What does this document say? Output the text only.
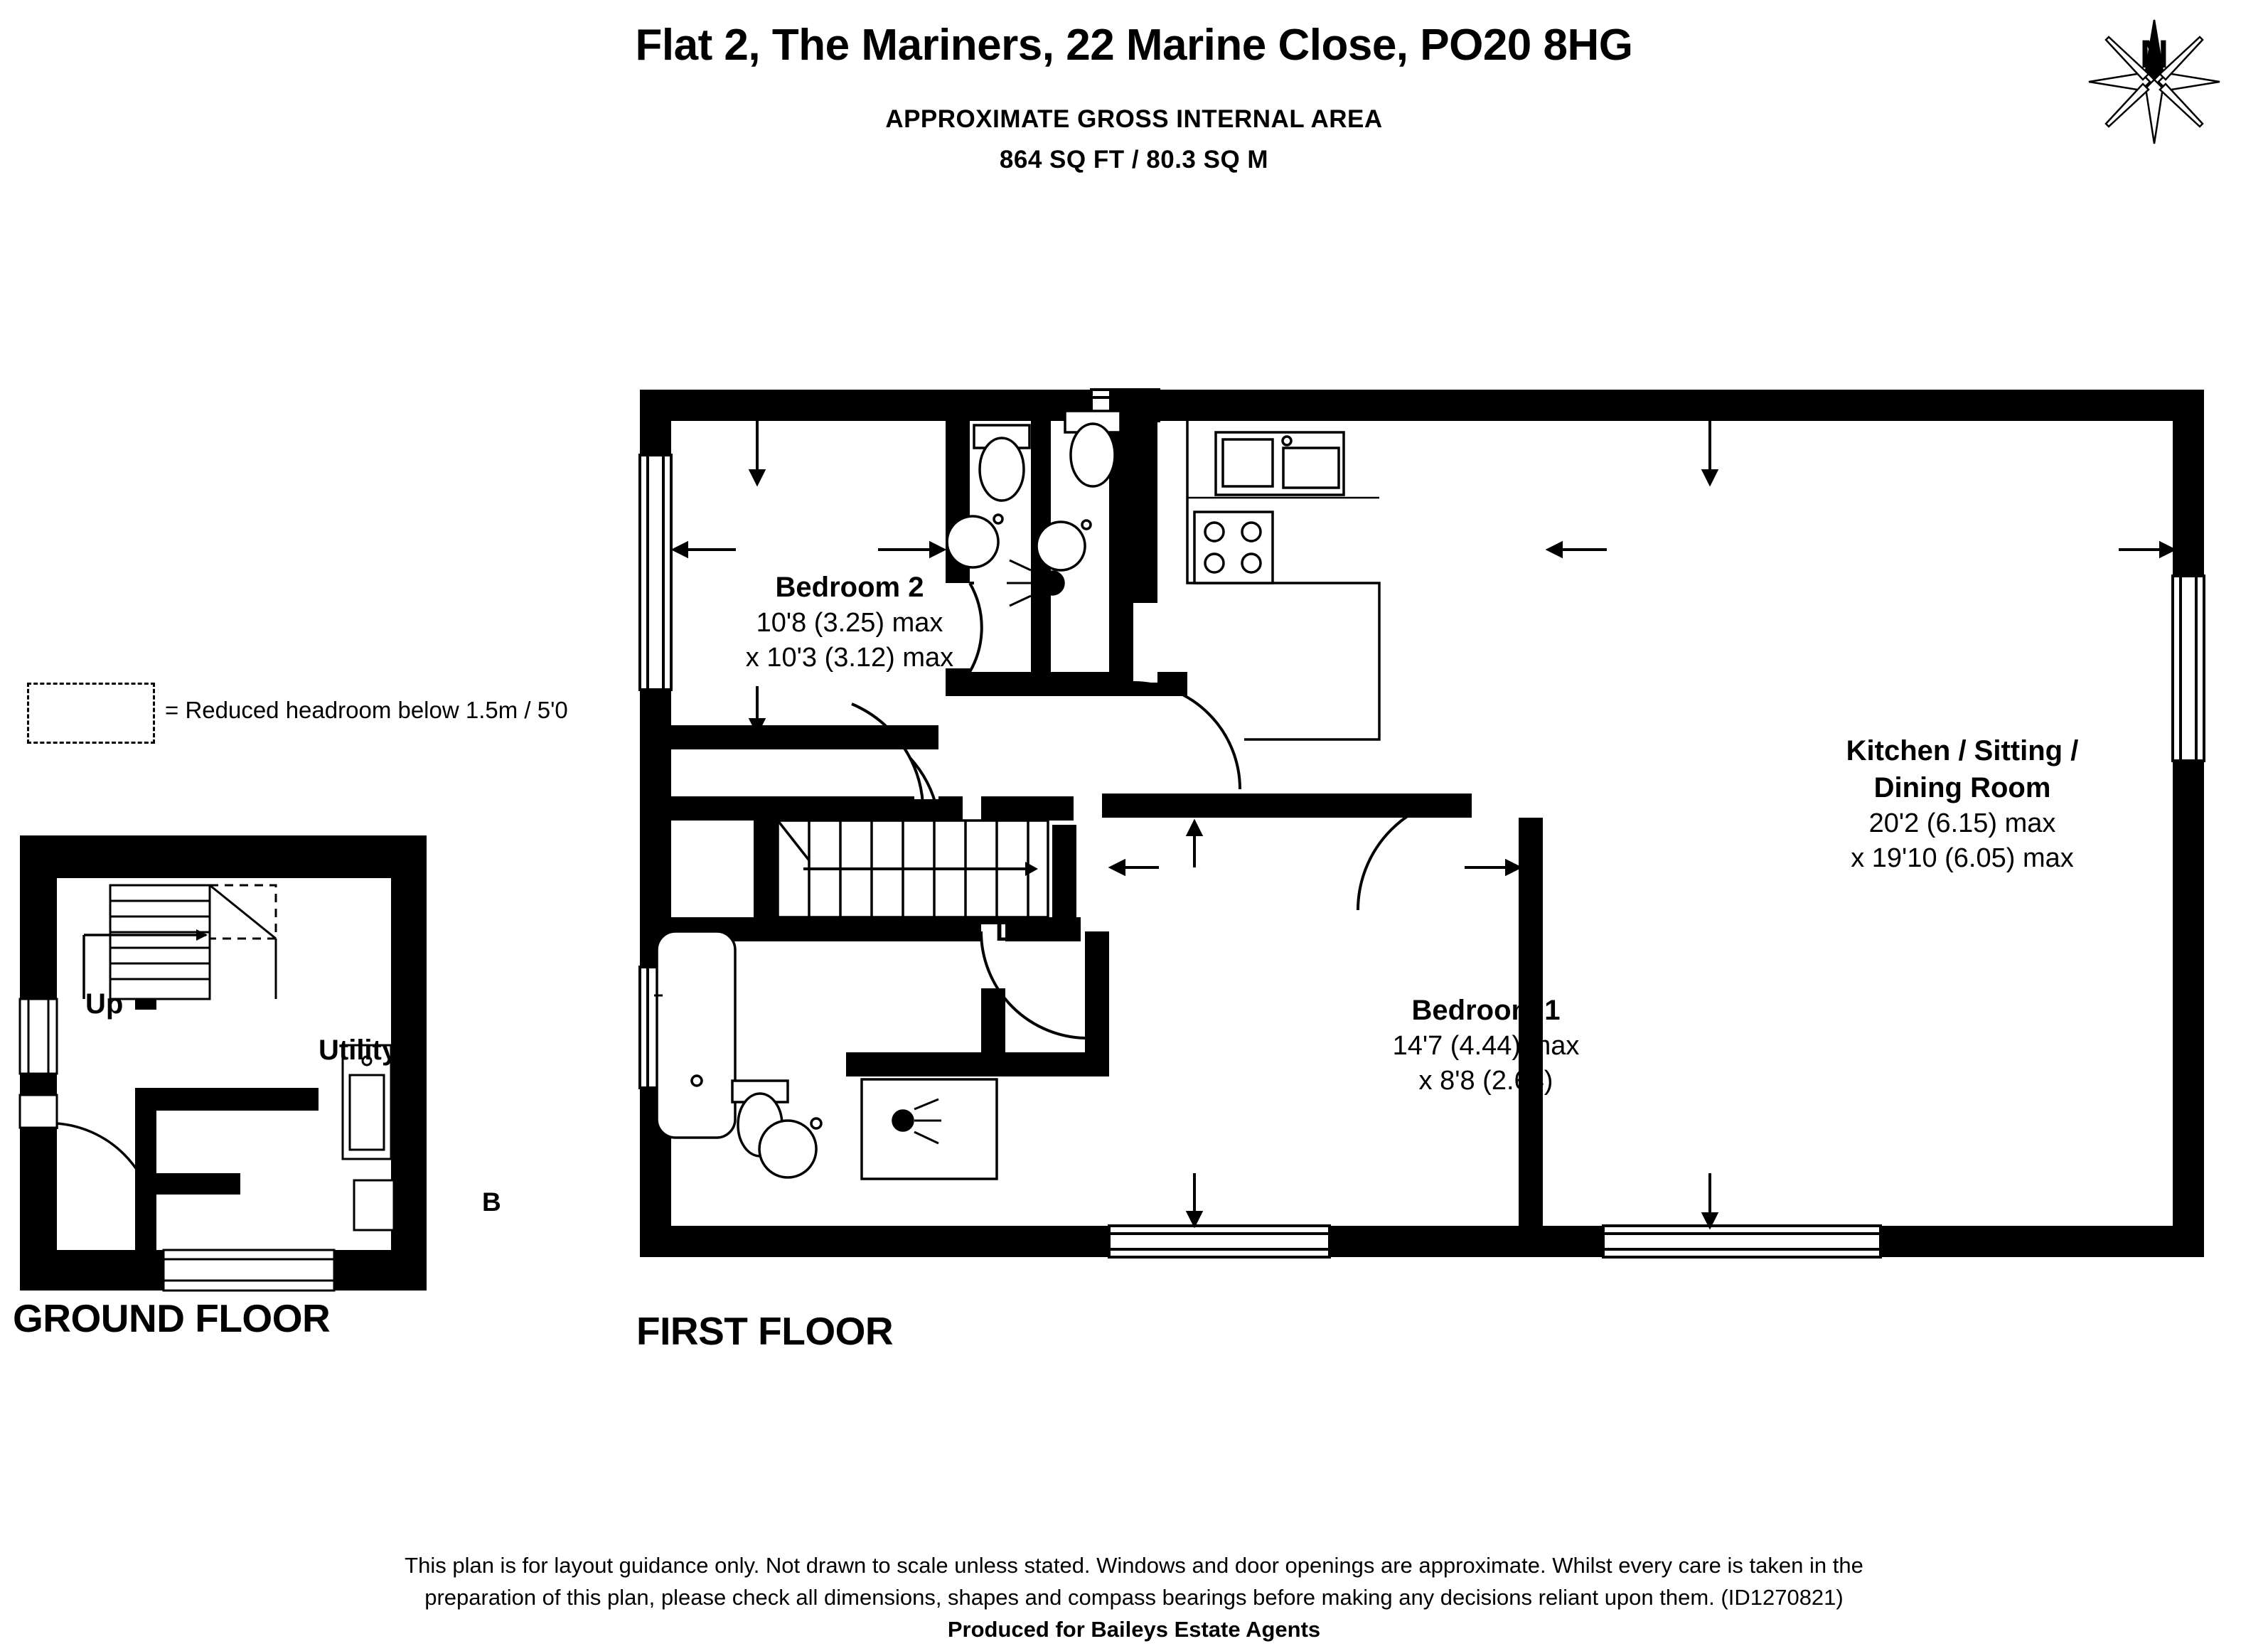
Flat 2, The Mariners, 22 Marine Close, PO20 8HG
APPROXIMATE GROSS INTERNAL AREA
864 SQ FT / 80.3 SQ M
N
= Reduced headroom below 1.5m / 5'0
Utility
Up
B
GROUND FLOOR
Bedroom 2
10'8 (3.25) max
x 10'3 (3.12) max
Kitchen / Sitting /
Dining Room
20'2 (6.15) max
x 19'10 (6.05) max
Bedroom 1
14'7 (4.44) max
x 8'8 (2.64)
Dn
FIRST FLOOR
This plan is for layout guidance only. Not drawn to scale unless stated. Windows and door openings are approximate. Whilst every care is taken in the
preparation of this plan, please check all dimensions, shapes and compass bearings before making any decisions reliant upon them. (ID1270821)
Produced for Baileys Estate Agents
